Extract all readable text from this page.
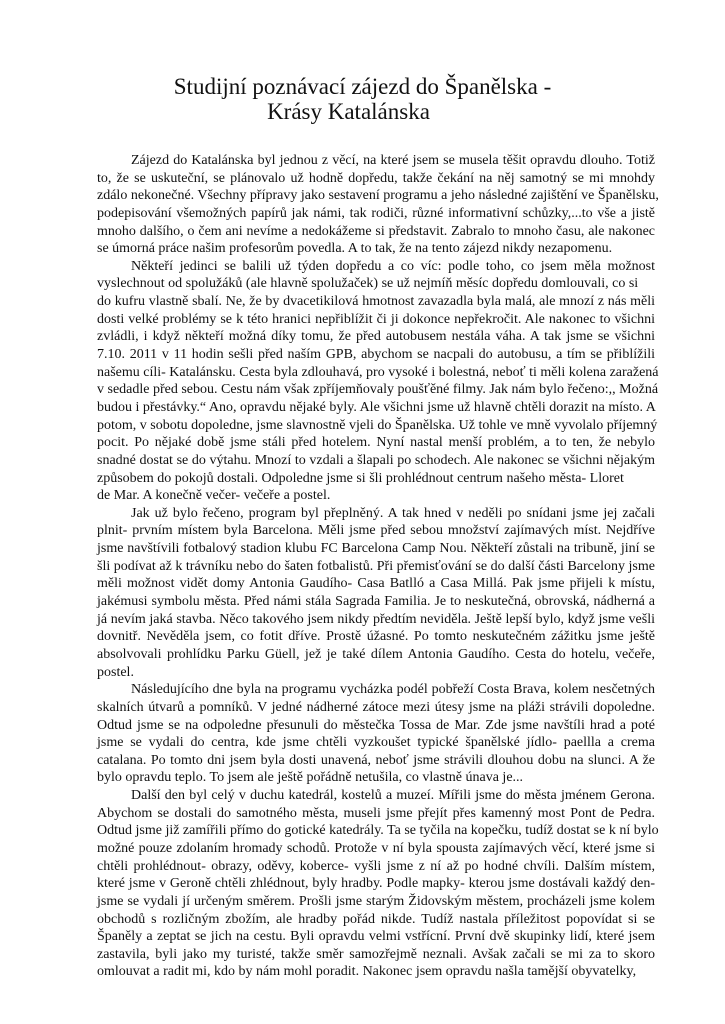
Studijní poznávací zájezd do Španělska -
Krásy Katalánska
Zájezd do Katalánska byl jednou z věcí, na které jsem se musela těšit opravdu dlouho. Totiž
to, že se uskuteční, se plánovalo už hodně dopředu, takže čekání na něj samotný se mi mnohdy
zdálo nekonečné. Všechny přípravy jako sestavení programu a jeho následné zajištění ve Španělsku,
podepisování všemožných papírů jak námi, tak rodiči, různé informativní schůzky,...to vše a jistě
mnoho dalšího, o čem ani nevíme a nedokážeme si představit. Zabralo to mnoho času, ale nakonec
se úmorná práce našim profesorům povedla. A to tak, že na tento zájezd nikdy nezapomenu.
Někteří jedinci se balili už týden dopředu a co víc: podle toho, co jsem měla možnost
vyslechnout od spolužáků (ale hlavně spolužaček) se už nejmíň měsíc dopředu domlouvali, co si
do kufru vlastně sbalí. Ne, že by dvacetikilová hmotnost zavazadla byla malá, ale mnozí z nás měli
dosti velké problémy se k této hranici nepřiblížit či ji dokonce nepřekročit. Ale nakonec to všichni
zvládli, i když někteří možná díky tomu, že před autobusem nestála váha. A tak jsme se všichni
7.10. 2011 v 11 hodin sešli před naším GPB, abychom se nacpali do autobusu, a tím se přiblížili
našemu cíli- Katalánsku. Cesta byla zdlouhavá, pro vysoké i bolestná, neboť ti měli kolena zaražená
v sedadle před sebou. Cestu nám však zpříjemňovaly poušťěné filmy. Jak nám bylo řečeno:,, Možná
budou i přestávky.“ Ano, opravdu nějaké byly. Ale všichni jsme už hlavně chtěli dorazit na místo. A
potom, v sobotu dopoledne, jsme slavnostně vjeli do Španělska. Už tohle ve mně vyvolalo příjemný
pocit. Po nějaké době jsme stáli před hotelem. Nyní nastal menší problém, a to ten, že nebylo
snadné dostat se do výtahu. Mnozí to vzdali a šlapali po schodech. Ale nakonec se všichni nějakým
způsobem do pokojů dostali. Odpoledne jsme si šli prohlédnout centrum našeho města- Lloret
de Mar. A konečně večer- večeře a postel.
Jak už bylo řečeno, program byl přeplněný. A tak hned v neděli po snídani jsme jej začali
plnit- prvním místem byla Barcelona. Měli jsme před sebou množství zajímavých míst. Nejdříve
jsme navštívili fotbalový stadion klubu FC Barcelona Camp Nou. Někteří zůstali na tribuně, jiní se
šli podívat až k trávníku nebo do šaten fotbalistů. Při přemisťování se do další části Barcelony jsme
měli možnost vidět domy Antonia Gaudího- Casa Batlló a Casa Millá. Pak jsme přijeli k místu,
jakémusi symbolu města. Před námi stála Sagrada Familia. Je to neskutečná, obrovská, nádherná a
já nevím jaká stavba. Něco takového jsem nikdy předtím neviděla. Ještě lepší bylo, když jsme vešli
dovnitř. Nevěděla jsem, co fotit dříve. Prostě úžasné. Po tomto neskutečném zážitku jsme ještě
absolvovali prohlídku Parku Güell, jež je také dílem Antonia Gaudího. Cesta do hotelu, večeře,
postel.
Následujícího dne byla na programu vycházka podél pobřeží Costa Brava, kolem nesčetných
skalních útvarů a pomníků. V jedné nádherné zátoce mezi útesy jsme na pláži strávili dopoledne.
Odtud jsme se na odpoledne přesunuli do městečka Tossa de Mar. Zde jsme navštíli hrad a poté
jsme se vydali do centra, kde jsme chtěli vyzkoušet typické španělské jídlo- paellla a crema
catalana. Po tomto dni jsem byla dosti unavená, neboť jsme strávili dlouhou dobu na slunci. A že
bylo opravdu teplo. To jsem ale ještě pořádně netušila, co vlastně únava je...
Další den byl celý v duchu katedrál, kostelů a muzeí. Mířili jsme do města jménem Gerona.
Abychom se dostali do samotného města, museli jsme přejít přes kamenný most Pont de Pedra.
Odtud jsme již zamířili přímo do gotické katedrály. Ta se tyčila na kopečku, tudíž dostat se k ní bylo
možné pouze zdolaním hromady schodů. Protože v ní byla spousta zajímavých věcí, které jsme si
chtěli prohlédnout- obrazy, oděvy, koberce- vyšli jsme z ní až po hodné chvíli. Dalším místem,
které jsme v Geroně chtěli zhlédnout, byly hradby. Podle mapky- kterou jsme dostávali každý den-
jsme se vydali jí určeným směrem. Prošli jsme starým Židovským městem, procházeli jsme kolem
obchodů s rozličným zbožím, ale hradby pořád nikde. Tudíž nastala příležitost popovídat si se
Španěly a zeptat se jich na cestu. Byli opravdu velmi vstřícní. První dvě skupinky lidí, které jsem
zastavila, byli jako my turisté, takže směr samozřejmě neznali. Avšak začali se mi za to skoro
omlouvat a radit mi, kdo by nám mohl poradit. Nakonec jsem opravdu našla tamější obyvatelky,
